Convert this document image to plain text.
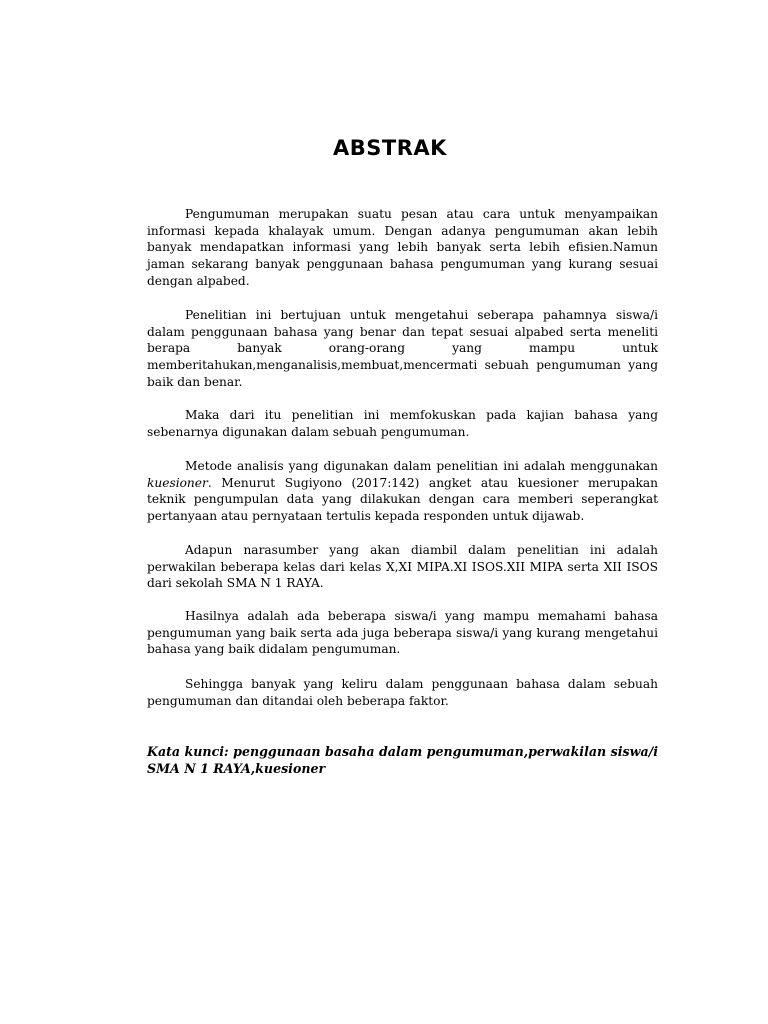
ABSTRAK

Pengumuman merupakan suatu pesan atau cara untuk menyampaikan informasi kepada khalayak umum. Dengan adanya pengumuman akan lebih banyak mendapatkan informasi yang lebih banyak serta lebih efisien.Namun jaman sekarang banyak penggunaan bahasa pengumuman yang kurang sesuai dengan alpabed.

Penelitian ini bertujuan untuk mengetahui seberapa pahamnya siswa/i dalam penggunaan bahasa yang benar dan tepat sesuai alpabed serta meneliti berapa banyak orang-orang yang mampu untuk memberitahukan,menganalisis,membuat,mencermati sebuah pengumuman yang baik dan benar.

Maka dari itu penelitian ini memfokuskan pada kajian bahasa yang sebenarnya digunakan dalam sebuah pengumuman.

Metode analisis yang digunakan dalam penelitian ini adalah menggunakan kuesioner. Menurut Sugiyono (2017:142) angket atau kuesioner merupakan teknik pengumpulan data yang dilakukan dengan cara memberi seperangkat pertanyaan atau pernyataan tertulis kepada responden untuk dijawab.

Adapun narasumber yang akan diambil dalam penelitian ini adalah perwakilan beberapa kelas dari kelas X,XI MIPA.XI ISOS.XII MIPA serta XII ISOS dari sekolah SMA N 1 RAYA.

Hasilnya adalah ada beberapa siswa/i yang mampu memahami bahasa pengumuman yang baik serta ada juga beberapa siswa/i yang kurang mengetahui bahasa yang baik didalam pengumuman.

Sehingga banyak yang keliru dalam penggunaan bahasa dalam sebuah pengumuman dan ditandai oleh beberapa faktor.

Kata kunci: penggunaan basaha dalam pengumuman,perwakilan siswa/i SMA N 1 RAYA,kuesioner
